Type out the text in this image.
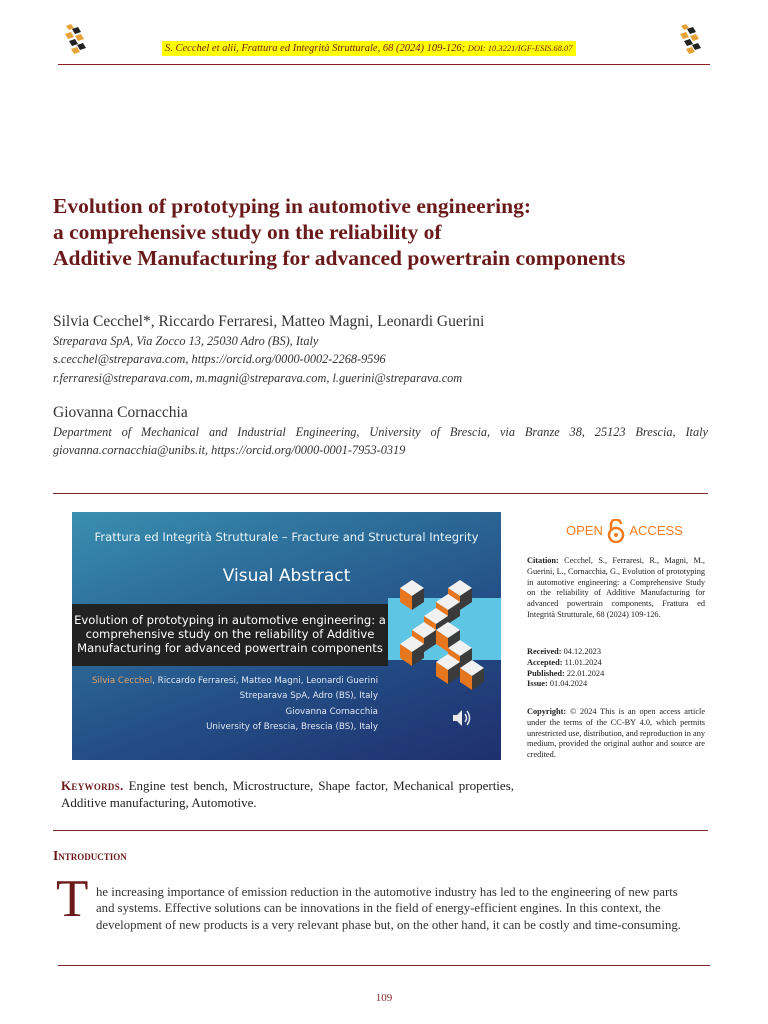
S. Cecchel et alii, Frattura ed Integrità Strutturale, 68 (2024) 109-126; DOI: 10.3221/IGF-ESIS.68.07
Evolution of prototyping in automotive engineering:
a comprehensive study on the reliability of
Additive Manufacturing for advanced powertrain components
Silvia Cecchel*, Riccardo Ferraresi, Matteo Magni, Leonardi Guerini
Streparava SpA, Via Zocco 13, 25030 Adro (BS), Italy
s.cecchel@streparava.com, https://orcid.org/0000-0002-2268-9596
r.ferraresi@streparava.com, m.magni@streparava.com, l.guerini@streparava.com
Giovanna Cornacchia
Department of Mechanical and Industrial Engineering, University of Brescia, via Branze 38, 25123 Brescia, Italy
giovanna.cornacchia@unibs.it, https://orcid.org/0000-0001-7953-0319
Frattura ed Integrità Strutturale – Fracture and Structural Integrity
Visual Abstract
Evolution of prototyping in automotive engineering: a
comprehensive study on the reliability of Additive
Manufacturing for advanced powertrain components
Silvia Cecchel, Riccardo Ferraresi, Matteo Magni, Leonardi Guerini
Streparava SpA, Adro (BS), Italy
Giovanna Cornacchia
University of Brescia, Brescia (BS), Italy
OPEN ACCESS
Citation: Cecchel, S., Ferraresi, R., Magni, M., Guerini, L., Cornacchia, G., Evolution of prototyping in automotive engineering: a Comprehensive Study on the reliability of Additive Manufacturing for advanced powertrain components, Frattura ed Integrità Strutturale, 68 (2024) 109-126.
Received: 04.12.2023
Accepted: 11.01.2024
Published: 22.01.2024
Issue: 01.04.2024
Copyright: © 2024 This is an open access article under the terms of the CC-BY 4.0, which permits unrestricted use, distribution, and reproduction in any medium, provided the original author and source are credited.
Keywords. Engine test bench, Microstructure, Shape factor, Mechanical properties, Additive manufacturing, Automotive.
Introduction
T he increasing importance of emission reduction in the automotive industry has led to the engineering of new parts
and systems. Effective solutions can be innovations in the field of energy-efficient engines. In this context, the
development of new products is a very relevant phase but, on the other hand, it can be costly and time-consuming.
109
